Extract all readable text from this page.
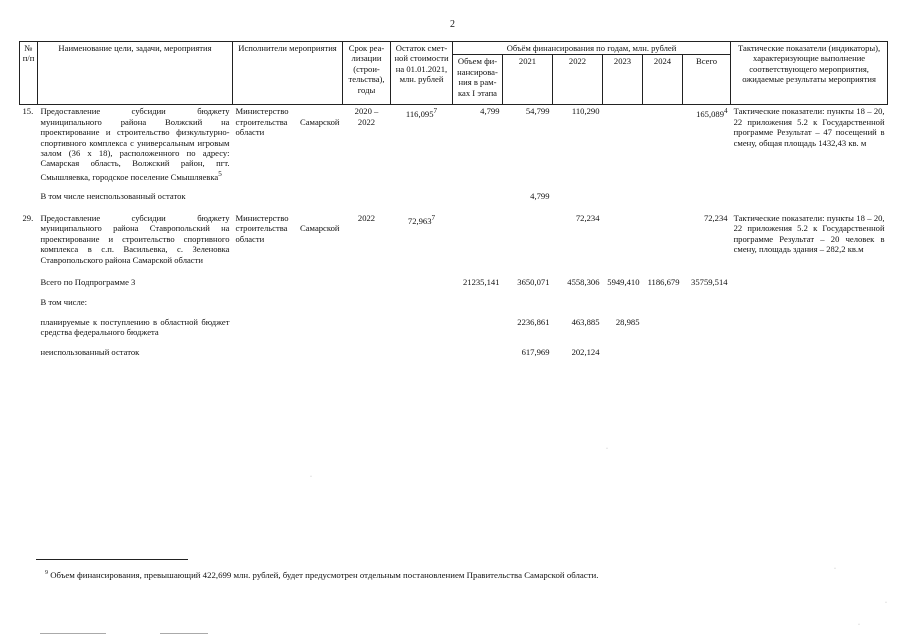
2
№ п/п	Наименование цели, задачи, мероприятия	Исполнители мероприятия	Срок реа-лизации (строи-тельства), годы	Остаток смет-ной стоимости на 01.01.2021, млн. рублей	Объём финансирования по годам, млн. рублей						Тактические показатели (индикаторы), характеризующие выполнение соответствующего мероприятия, ожидаемые результаты мероприятия
					Объем фи-нансирова-ния в рам-ках I этапа	2021	2022	2023	2024	Всего	
15.	Предоставление субсидии бюджету муниципального района Волжский на проектирование и строительство физкультурно-спортивного комплекса с универсальным игровым залом (36 х 18), расположенного по адресу: Самарская область, Волжский район, пгт. Смышляевка, городское поселение Смышляевка$^5$	Министерство строительства Самарской области	2020 – 2022	116,095$^7$	4,799	54,799	110,290			165,089$^4$	Тактические показатели: пункты 18 – 20, 22 приложения 5.2 к Государственной программе Результат – 47 посещений в смену, общая площадь 1432,43 кв. м
	В том числе неиспользованный остаток					4,799					
29.	Предоставление субсидии бюджету муниципального района Ставропольский на проектирование и строительство спортивного комплекса в с.п. Васильевка, с. Зеленовка Ставропольского района Самарской области	Министерство строительства Самарской области	2022	72,963$^7$			72,234			72,234	Тактические показатели: пункты 18 – 20, 22 приложения 5.2 к Государственной программе Результат – 20 человек в смену, площадь здания – 282,2 кв.м
	Всего по Подпрограмме 3				21235,141	3650,071	4558,306	5949,410	1186,679	35759,514	
	В том числе:										
	планируемые к поступлению в областной бюджет средства федерального бюджета					2236,861	463,885	28,985			
	неиспользованный остаток					617,969	202,124				
$^9$ Объем финансирования, превышающий 422,699 млн. рублей, будет предусмотрен отдельным постановлением Правительства Самарской области.
·
·
·
·
·
